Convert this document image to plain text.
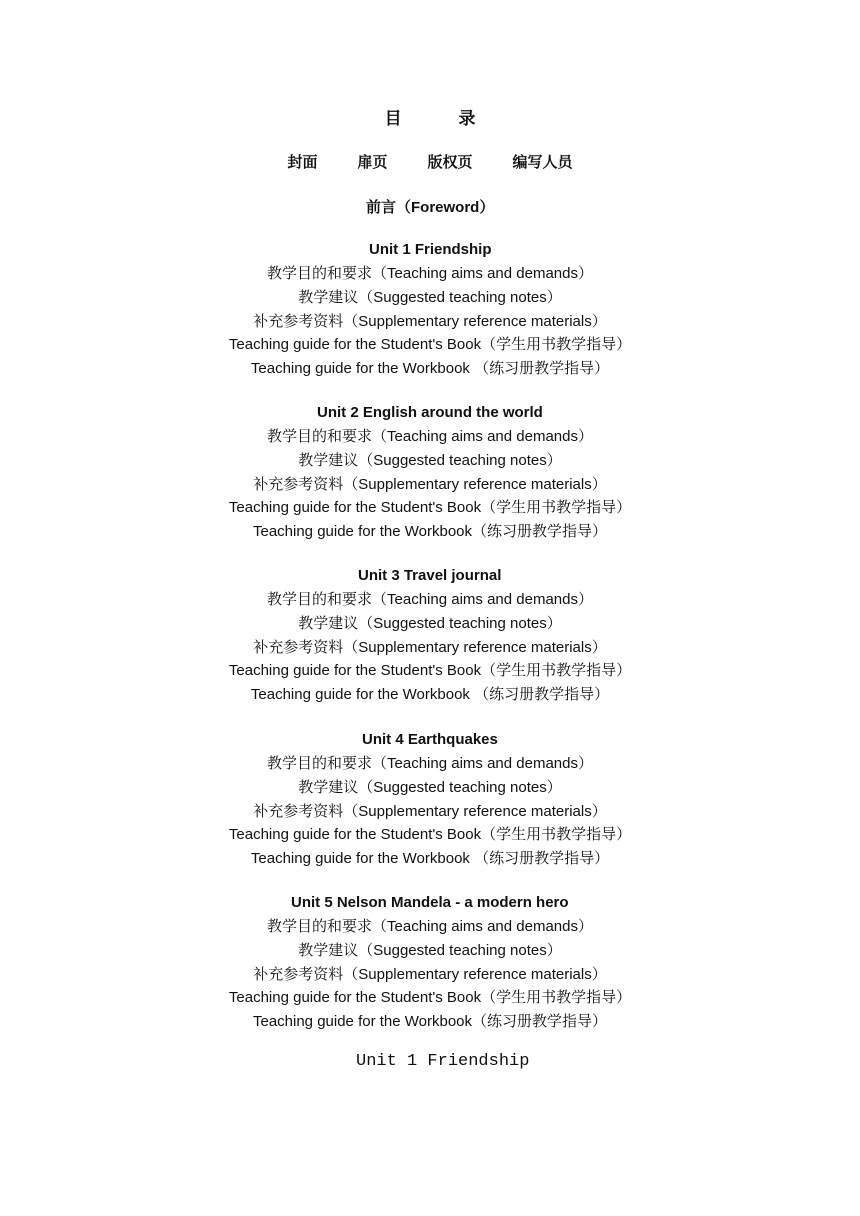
目 录
封面	扉页	版权页	编写人员
前言（Foreword）
Unit 1 Friendship
教学目的和要求（Teaching aims and demands）
教学建议（Suggested teaching notes）
补充参考资料（Supplementary reference materials）
Teaching guide for the Student's Book（学生用书教学指导）
Teaching guide for the Workbook （练习册教学指导）
Unit 2 English around the world
教学目的和要求（Teaching aims and demands）
教学建议（Suggested teaching notes）
补充参考资料（Supplementary reference materials）
Teaching guide for the Student's Book（学生用书教学指导）
Teaching guide for the Workbook（练习册教学指导）
Unit 3 Travel journal
教学目的和要求（Teaching aims and demands）
教学建议（Suggested teaching notes）
补充参考资料（Supplementary reference materials）
Teaching guide for the Student's Book（学生用书教学指导）
Teaching guide for the Workbook （练习册教学指导）
Unit 4 Earthquakes
教学目的和要求（Teaching aims and demands）
教学建议（Suggested teaching notes）
补充参考资料（Supplementary reference materials）
Teaching guide for the Student's Book（学生用书教学指导）
Teaching guide for the Workbook （练习册教学指导）
Unit 5 Nelson Mandela - a modern hero
教学目的和要求（Teaching aims and demands）
教学建议（Suggested teaching notes）
补充参考资料（Supplementary reference materials）
Teaching guide for the Student's Book（学生用书教学指导）
Teaching guide for the Workbook（练习册教学指导）
Unit 1 Friendship
